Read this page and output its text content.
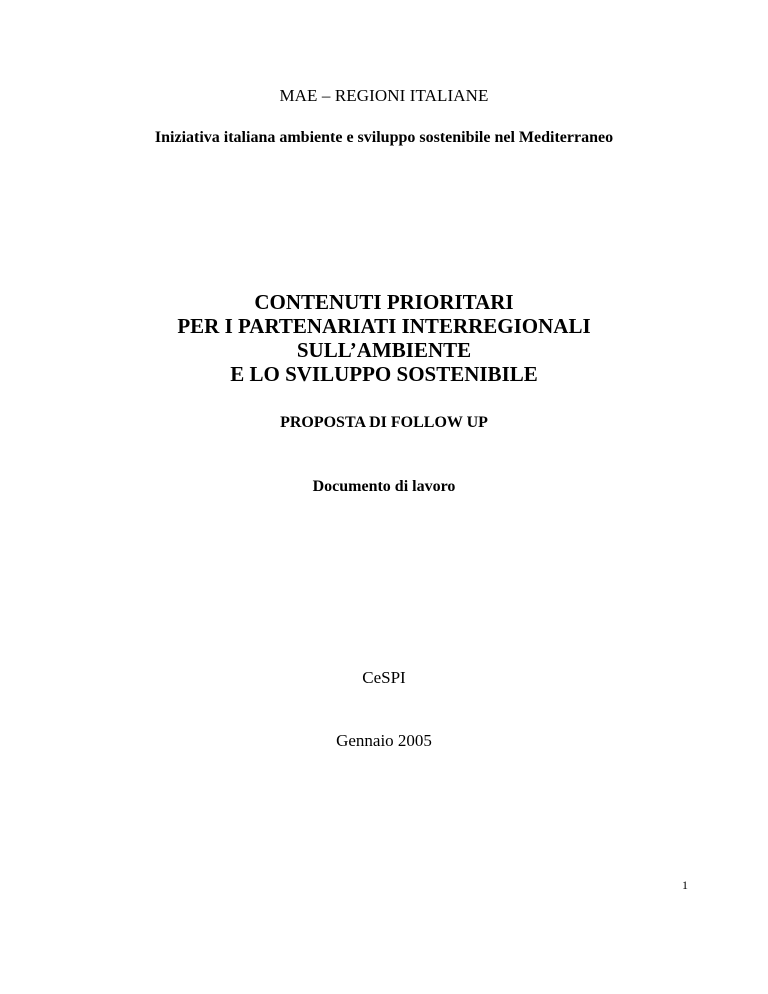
MAE – REGIONI ITALIANE

Iniziativa italiana ambiente e sviluppo sostenibile nel Mediterraneo

CONTENUTI PRIORITARI
PER I PARTENARIATI INTERREGIONALI
SULL’AMBIENTE
E LO SVILUPPO SOSTENIBILE

PROPOSTA DI FOLLOW UP

Documento di lavoro

CeSPI

Gennaio 2005

1
